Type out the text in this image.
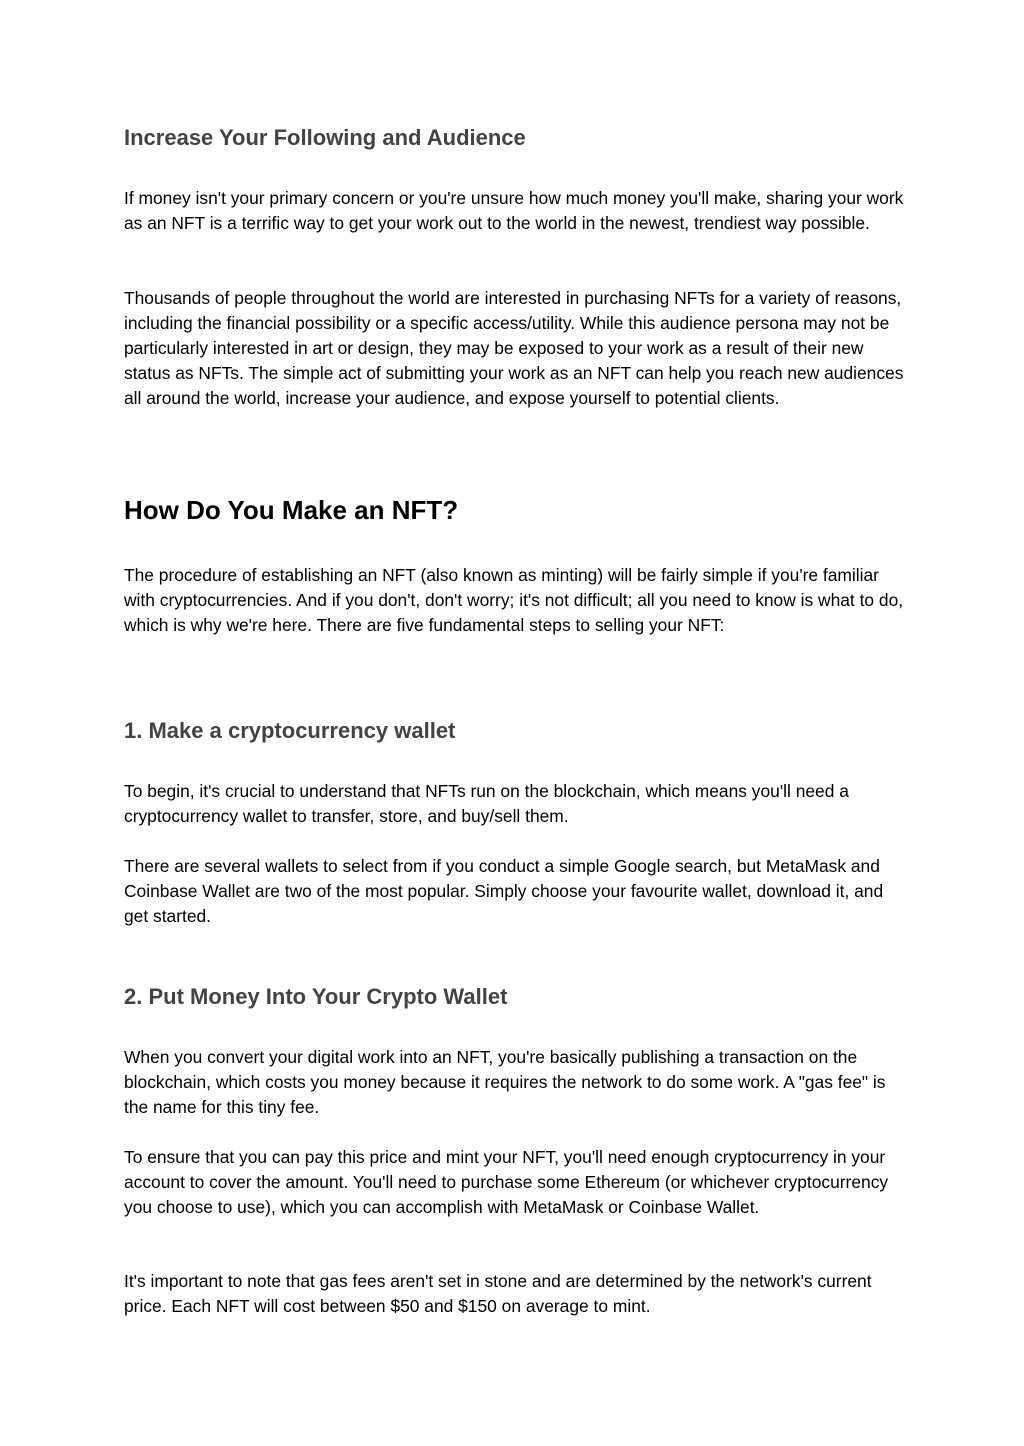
Increase Your Following and Audience

If money isn't your primary concern or you're unsure how much money you'll make, sharing your work as an NFT is a terrific way to get your work out to the world in the newest, trendiest way possible.

Thousands of people throughout the world are interested in purchasing NFTs for a variety of reasons, including the financial possibility or a specific access/utility. While this audience persona may not be particularly interested in art or design, they may be exposed to your work as a result of their new status as NFTs. The simple act of submitting your work as an NFT can help you reach new audiences all around the world, increase your audience, and expose yourself to potential clients.

How Do You Make an NFT?

The procedure of establishing an NFT (also known as minting) will be fairly simple if you're familiar with cryptocurrencies. And if you don't, don't worry; it's not difficult; all you need to know is what to do, which is why we're here. There are five fundamental steps to selling your NFT:

1. Make a cryptocurrency wallet

To begin, it's crucial to understand that NFTs run on the blockchain, which means you'll need a cryptocurrency wallet to transfer, store, and buy/sell them.

There are several wallets to select from if you conduct a simple Google search, but MetaMask and Coinbase Wallet are two of the most popular. Simply choose your favourite wallet, download it, and get started.

2. Put Money Into Your Crypto Wallet

When you convert your digital work into an NFT, you're basically publishing a transaction on the blockchain, which costs you money because it requires the network to do some work. A "gas fee" is the name for this tiny fee.

To ensure that you can pay this price and mint your NFT, you'll need enough cryptocurrency in your account to cover the amount. You'll need to purchase some Ethereum (or whichever cryptocurrency you choose to use), which you can accomplish with MetaMask or Coinbase Wallet.

It's important to note that gas fees aren't set in stone and are determined by the network's current price. Each NFT will cost between $50 and $150 on average to mint.
